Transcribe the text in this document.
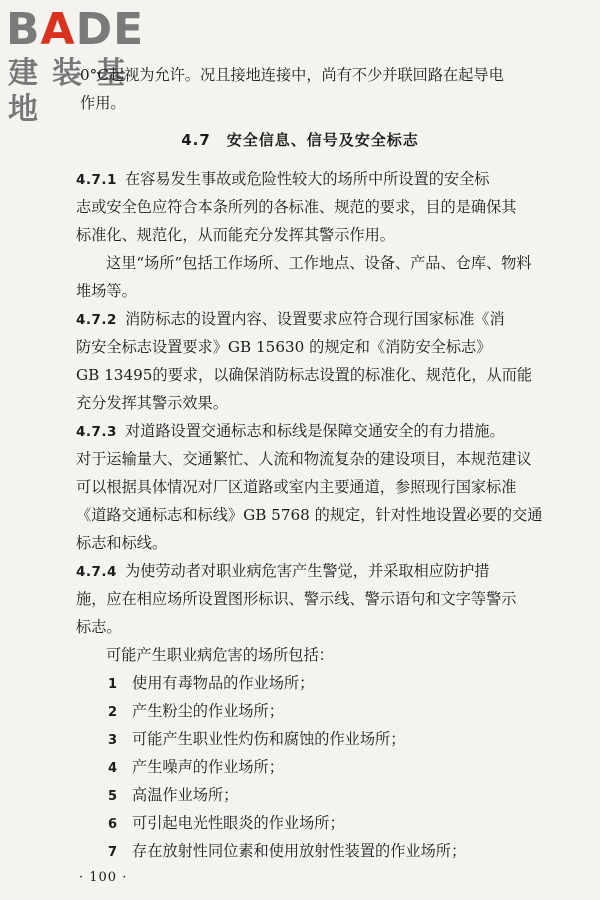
BADE
建装基地
0°C起视为允许。况且接地连接中，尚有不少并联回路在起导电
作用。
4.7 安全信息、信号及安全标志
4.7.1 在容易发生事故或危险性较大的场所中所设置的安全标
志或安全色应符合本条所列的各标准、规范的要求，目的是确保其
标准化、规范化，从而能充分发挥其警示作用。
这里“场所”包括工作场所、工作地点、设备、产品、仓库、物料
堆场等。
4.7.2 消防标志的设置内容、设置要求应符合现行国家标准《消
防安全标志设置要求》GB 15630 的规定和《消防安全标志》
GB 13495的要求，以确保消防标志设置的标准化、规范化，从而能
充分发挥其警示效果。
4.7.3 对道路设置交通标志和标线是保障交通安全的有力措施。
对于运输量大、交通繁忙、人流和物流复杂的建设项目，本规范建议
可以根据具体情况对厂区道路或室内主要通道，参照现行国家标准
《道路交通标志和标线》GB 5768 的规定，针对性地设置必要的交通
标志和标线。
4.7.4 为使劳动者对职业病危害产生警觉，并采取相应防护措
施，应在相应场所设置图形标识、警示线、警示语句和文字等警示
标志。
可能产生职业病危害的场所包括：
1 使用有毒物品的作业场所；
2 产生粉尘的作业场所；
3 可能产生职业性灼伤和腐蚀的作业场所；
4 产生噪声的作业场所；
5 高温作业场所；
6 可引起电光性眼炎的作业场所；
7 存在放射性同位素和使用放射性装置的作业场所；
· 100 ·
